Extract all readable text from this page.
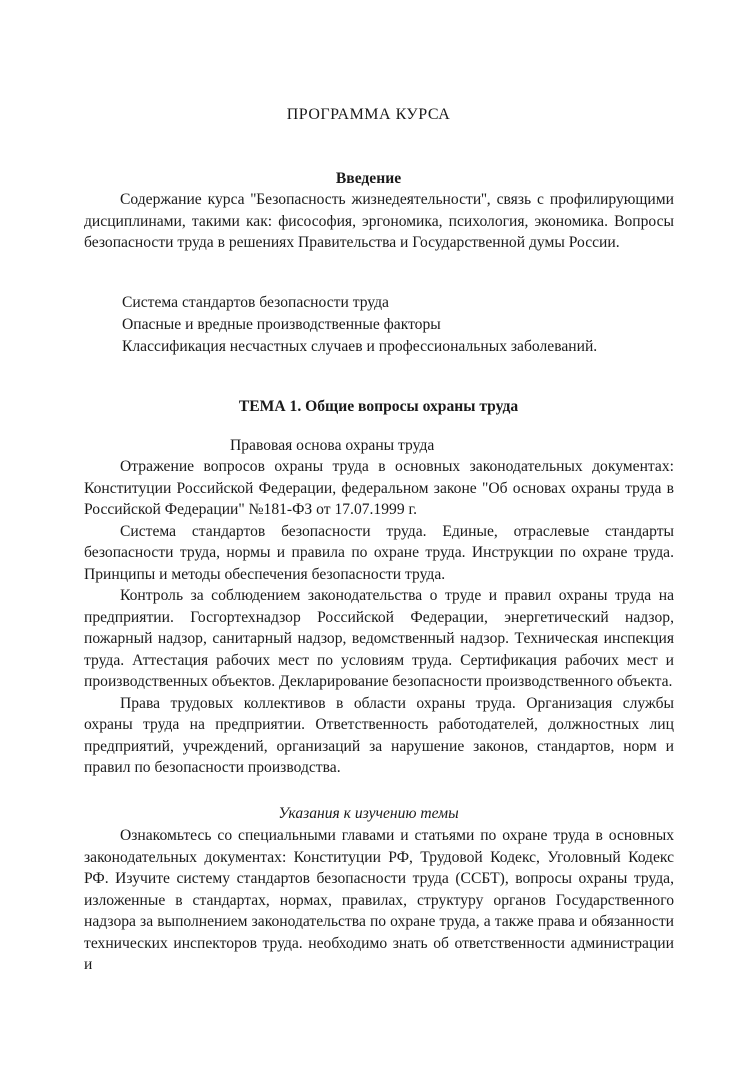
ПРОГРАММА КУРСА
Введение

Содержание курса ''Безопасность жизнедеятельности'', связь с профилирующими дисциплинами, такими как: фисософия, эргономика, психология, экономика. Вопросы безопасности труда в решениях Правительства и Государственной думы России.

Система стандартов безопасности труда
Опасные и вредные производственные факторы
Классификация несчастных случаев и профессиональных заболеваний.
ТЕМА 1. Общие вопросы охраны труда
Правовая основа охраны труда

Отражение вопросов охраны труда в основных законодательных документах: Конституции Российской Федерации, федеральном законе "Об основах охраны труда в Российской Федерации" №181-ФЗ от 17.07.1999 г.

Система стандартов безопасности труда. Единые, отраслевые стандарты безопасности труда, нормы и правила по охране труда. Инструкции по охране труда. Принципы и методы обеспечения безопасности труда.

Контроль за соблюдением законодательства о труде и правил охраны труда на предприятии. Госгортехнадзор Российской Федерации, энергетический надзор, пожарный надзор, санитарный надзор, ведомственный надзор. Техническая инспекция труда. Аттестация рабочих мест по условиям труда. Сертификация рабочих мест и производственных объектов. Декларирование безопасности производственного объекта.

Права трудовых коллективов в области охраны труда. Организация службы охраны труда на предприятии. Ответственность работодателей, должностных лиц предприятий, учреждений, организаций за нарушение законов, стандартов, норм и правил по безопасности производства.

Указания к изучению темы

Ознакомьтесь со специальными главами и статьями по охране труда в основных законодательных документах: Конституции РФ, Трудовой Кодекс, Уголовный Кодекс РФ. Изучите систему стандартов безопасности труда (ССБТ), вопросы охраны труда, изложенные в стандартах, нормах, правилах, структуру органов Государственного надзора за выполнением законодательства по охране труда, а также права и обязанности технических инспекторов труда. необходимо знать об ответственности администрации и
